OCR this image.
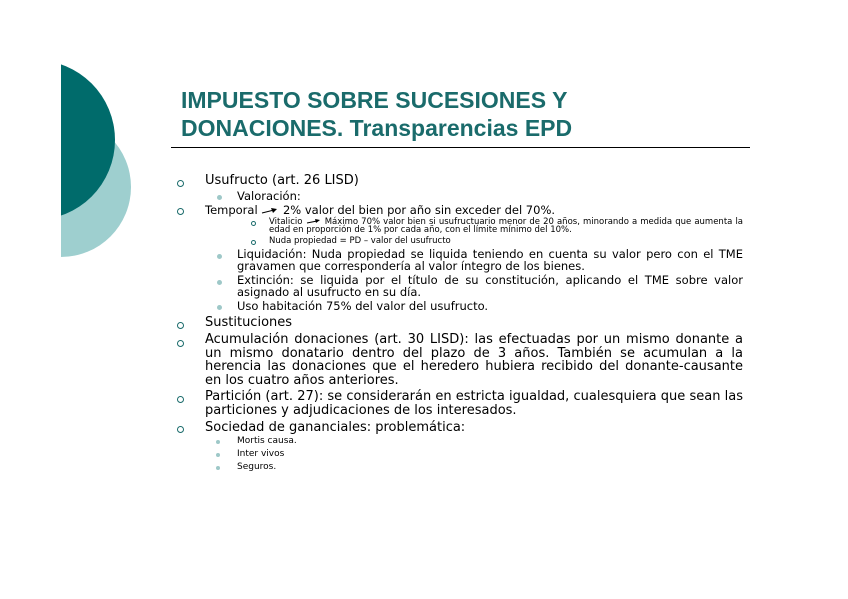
IMPUESTO SOBRE SUCESIONES Y
DONACIONES. Transparencias EPD
Usufructo (art. 26 LISD)
Valoración:
Temporal 2% valor del bien por año sin exceder del 70%.
Vitalicio	Máximo 70% valor bien si usufructuario menor de 20 años, minorando a medida que aumenta la edad en proporción de 1% por cada año, con el límite mínimo del 10%.
Nuda propiedad = PD – valor del usufructo
Liquidación: Nuda propiedad se liquida teniendo en cuenta su valor pero con el TME gravamen que correspondería al valor íntegro de los bienes.
Extinción: se liquida por el título de su constitución, aplicando el TME sobre valor asignado al usufructo en su día.
Uso habitación 75% del valor del usufructo.
Sustituciones
Acumulación donaciones (art. 30 LISD): las efectuadas por un mismo donante a un mismo donatario dentro del plazo de 3 años. También se acumulan a la herencia las donaciones que el heredero hubiera recibido del donante-causante en los cuatro años anteriores.
Partición (art. 27): se considerarán en estricta igualdad, cualesquiera que sean las particiones y adjudicaciones de los interesados.
Sociedad de gananciales: problemática:
Mortis causa.
Inter vivos
Seguros.
